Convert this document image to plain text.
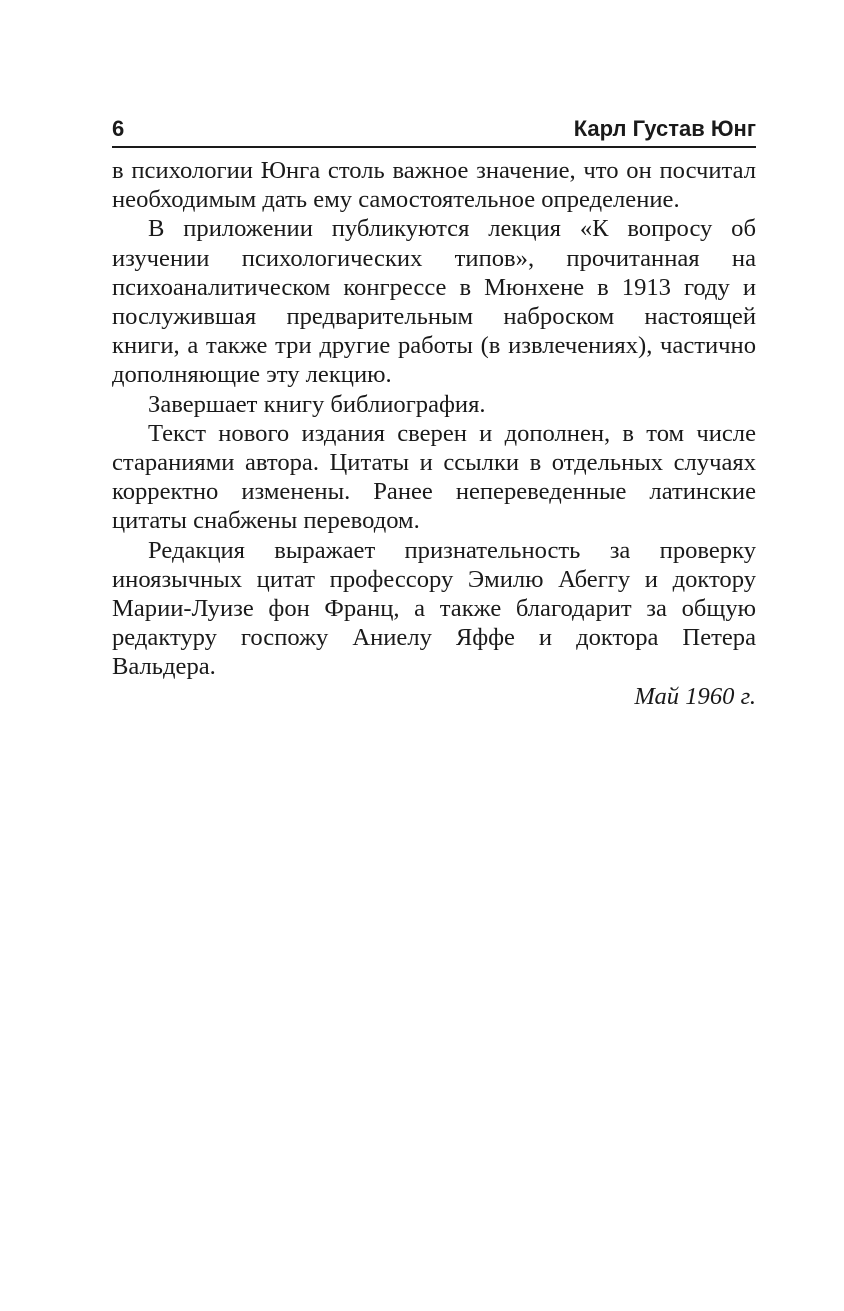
6	Карл Густав Юнг

в психологии Юнга столь важное значение, что он посчитал необходимым дать ему самостоятельное определение.

В приложении публикуются лекция «К вопросу об изучении психологических типов», прочитанная на психоаналитическом конгрессе в Мюнхене в 1913 году и послужившая предварительным наброском настоящей книги, а также три другие работы (в извлечениях), частично дополняющие эту лекцию.

Завершает книгу библиография.

Текст нового издания сверен и дополнен, в том числе стараниями автора. Цитаты и ссылки в отдельных случаях корректно изменены. Ранее непереведенные латинские цитаты снабжены переводом.

Редакция выражает признательность за проверку иноязычных цитат профессору Эмилю Абеггу и доктору Марии-Луизе фон Франц, а также благодарит за общую редактуру госпожу Аниелу Яффе и доктора Петера Вальдера.

Май 1960 г.
